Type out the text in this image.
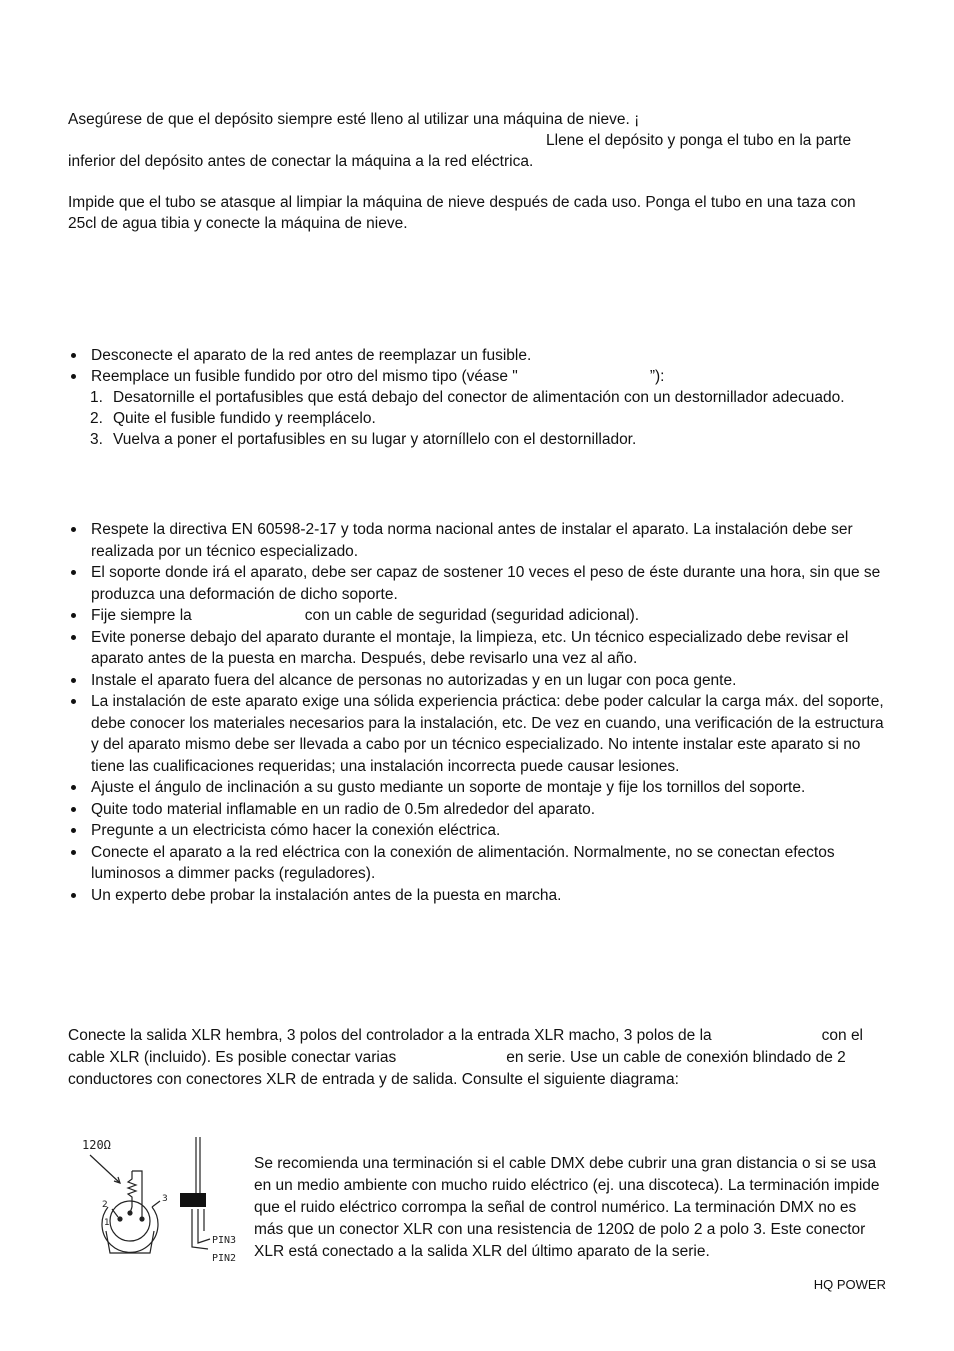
Asegúrese de que el depósito siempre esté lleno al utilizar una máquina de nieve. ¡
Llene el depósito y ponga el tubo en la parte
inferior del depósito antes de conectar la máquina a la red eléctrica.

Impide que el tubo se atasque al limpiar la máquina de nieve después de cada uso. Ponga el tubo en una taza con 25cl de agua tibia y conecte la máquina de nieve.

Desconecte el aparato de la red antes de reemplazar un fusible.
Reemplace un fusible fundido por otro del mismo tipo (véase "	”):
1. Desatornille el portafusibles que está debajo del conector de alimentación con un destornillador adecuado.
2. Quite el fusible fundido y reemplácelo.
3. Vuelva a poner el portafusibles en su lugar y atorníllelo con el destornillador.
Respete la directiva EN 60598-2-17 y toda norma nacional antes de instalar el aparato. La instalación debe ser realizada por un técnico especializado.
El soporte donde irá el aparato, debe ser capaz de sostener 10 veces el peso de éste durante una hora, sin que se produzca una deformación de dicho soporte.
Fije siempre la	con un cable de seguridad (seguridad adicional).
Evite ponerse debajo del aparato durante el montaje, la limpieza, etc. Un técnico especializado debe revisar el aparato antes de la puesta en marcha. Después, debe revisarlo una vez al año.
Instale el aparato fuera del alcance de personas no autorizadas y en un lugar con poca gente.
La instalación de este aparato exige una sólida experiencia práctica: debe poder calcular la carga máx. del soporte, debe conocer los materiales necesarios para la instalación, etc. De vez en cuando, una verificación de la estructura y del aparato mismo debe ser llevada a cabo por un técnico especializado. No intente instalar este aparato si no tiene las cualificaciones requeridas; una instalación incorrecta puede causar lesiones.
Ajuste el ángulo de inclinación a su gusto mediante un soporte de montaje y fije los tornillos del soporte.
Quite todo material inflamable en un radio de 0.5m alrededor del aparato.
Pregunte a un electricista cómo hacer la conexión eléctrica.
Conecte el aparato a la red eléctrica con la conexión de alimentación. Normalmente, no se conectan efectos luminosos a dimmer packs (reguladores).
Un experto debe probar la instalación antes de la puesta en marcha.

Conecte la salida XLR hembra, 3 polos del controlador a la entrada XLR macho, 3 polos de la	con el
cable XLR (incluido). Es posible conectar varias	en serie. Use un cable de conexión blindado de 2
conductores con conectores XLR de entrada y de salida. Consulte el siguiente diagrama:

120Ω
2
1
3
PIN3
PIN2

Se recomienda una terminación si el cable DMX debe cubrir una gran distancia o si se usa en un medio ambiente con mucho ruido eléctrico (ej. una discoteca). La terminación impide que el ruido eléctrico corrompa la señal de control numérico. La terminación DMX no es más que un conector XLR con una resistencia de 120Ω de polo 2 a polo 3. Este conector XLR está conectado a la salida XLR del último aparato de la serie.

HQ POWER
